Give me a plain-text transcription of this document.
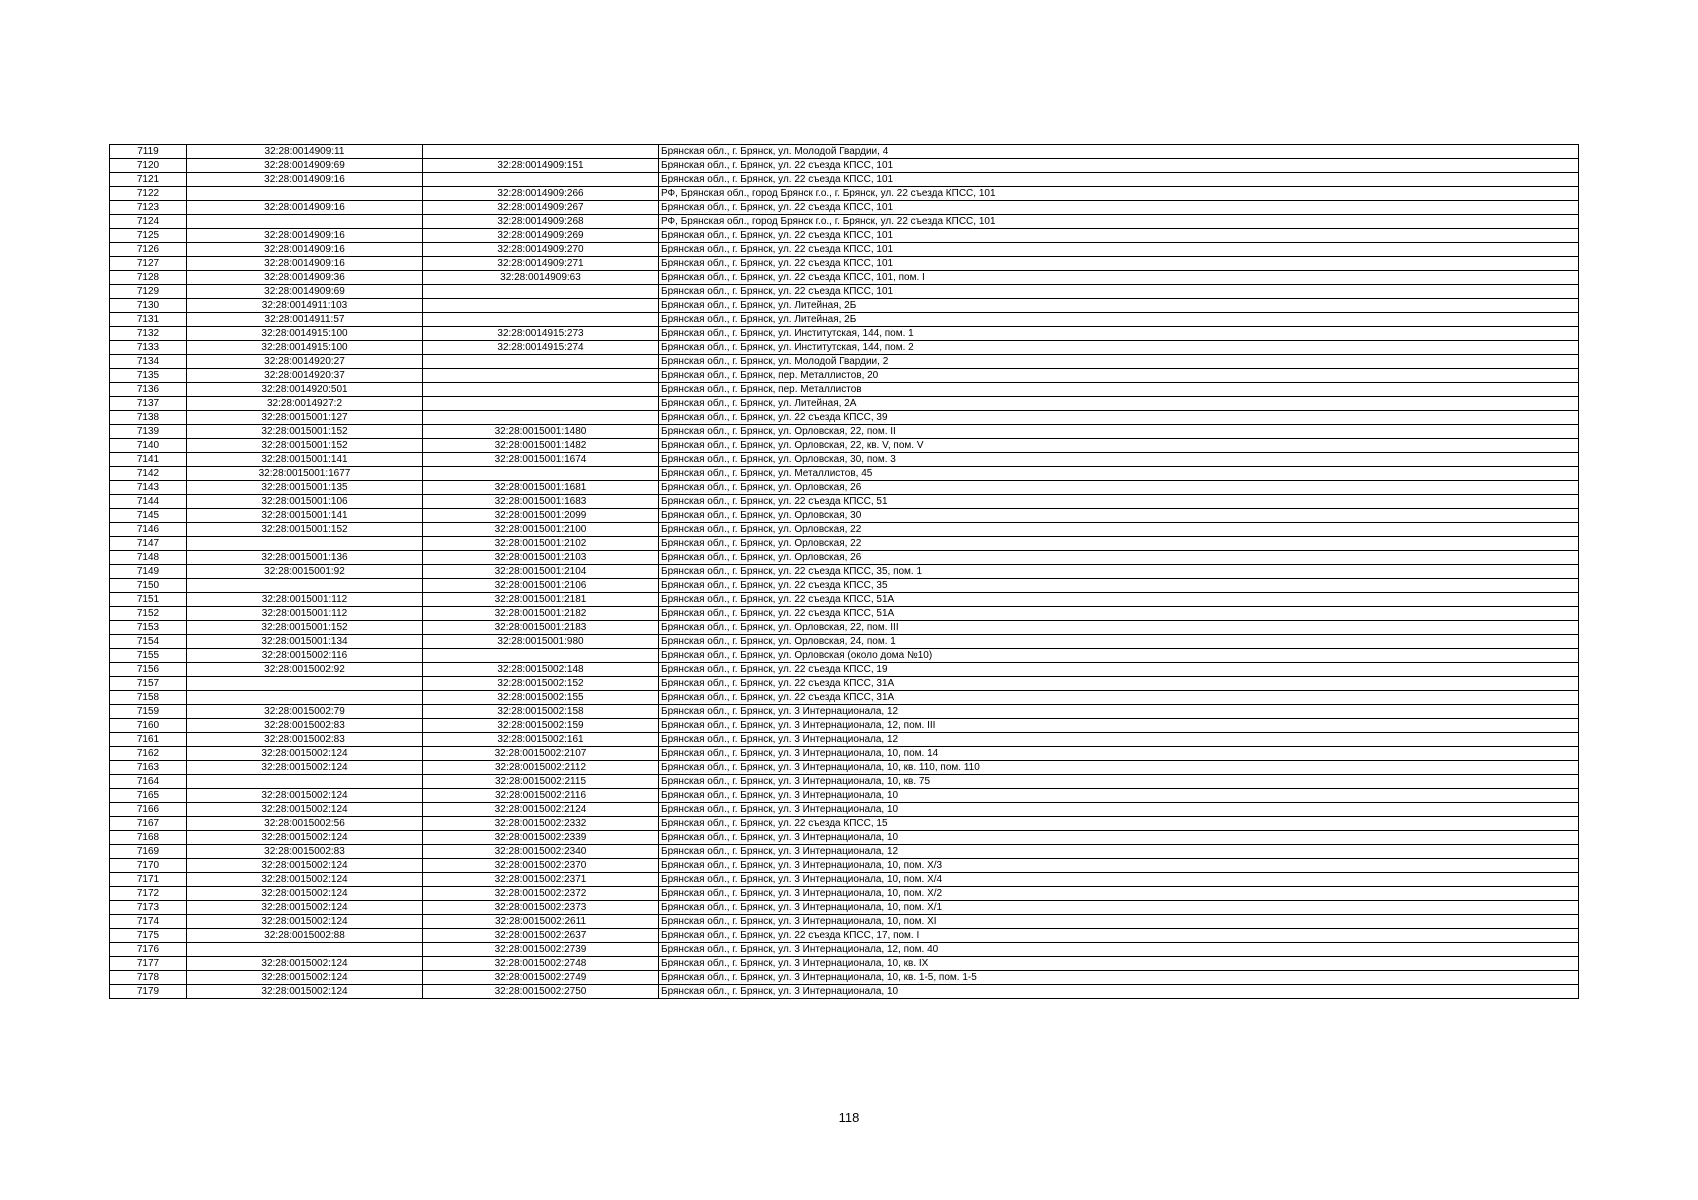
7119	32:28:0014909:11		Брянская обл., г. Брянск, ул. Молодой Гвардии, 4
7120	32:28:0014909:69	32:28:0014909:151	Брянская обл., г. Брянск, ул. 22 съезда КПСС, 101
7121	32:28:0014909:16		Брянская обл., г. Брянск, ул. 22 съезда КПСС, 101
7122		32:28:0014909:266	РФ, Брянская обл., город Брянск г.о., г. Брянск, ул. 22 съезда КПСС, 101
7123	32:28:0014909:16	32:28:0014909:267	Брянская обл., г. Брянск, ул. 22 съезда КПСС, 101
7124		32:28:0014909:268	РФ, Брянская обл., город Брянск г.о., г. Брянск, ул. 22 съезда КПСС, 101
7125	32:28:0014909:16	32:28:0014909:269	Брянская обл., г. Брянск, ул. 22 съезда КПСС, 101
7126	32:28:0014909:16	32:28:0014909:270	Брянская обл., г. Брянск, ул. 22 съезда КПСС, 101
7127	32:28:0014909:16	32:28:0014909:271	Брянская обл., г. Брянск, ул. 22 съезда КПСС, 101
7128	32:28:0014909:36	32:28:0014909:63	Брянская обл., г. Брянск, ул. 22 съезда КПСС, 101, пом. I
7129	32:28:0014909:69		Брянская обл., г. Брянск, ул. 22 съезда КПСС, 101
7130	32:28:0014911:103		Брянская обл., г. Брянск, ул. Литейная, 2Б
7131	32:28:0014911:57		Брянская обл., г. Брянск, ул. Литейная, 2Б
7132	32:28:0014915:100	32:28:0014915:273	Брянская обл., г. Брянск, ул. Институтская, 144, пом. 1
7133	32:28:0014915:100	32:28:0014915:274	Брянская обл., г. Брянск, ул. Институтская, 144, пом. 2
7134	32:28:0014920:27		Брянская обл., г. Брянск, ул. Молодой Гвардии, 2
7135	32:28:0014920:37		Брянская обл., г. Брянск, пер. Металлистов, 20
7136	32:28:0014920:501		Брянская обл., г. Брянск, пер. Металлистов
7137	32:28:0014927:2		Брянская обл., г. Брянск, ул. Литейная, 2А
7138	32:28:0015001:127		Брянская обл., г. Брянск, ул. 22 съезда КПСС, 39
7139	32:28:0015001:152	32:28:0015001:1480	Брянская обл., г. Брянск, ул. Орловская, 22, пом. II
7140	32:28:0015001:152	32:28:0015001:1482	Брянская обл., г. Брянск, ул. Орловская, 22, кв. V, пом. V
7141	32:28:0015001:141	32:28:0015001:1674	Брянская обл., г. Брянск, ул. Орловская, 30, пом. 3
7142	32:28:0015001:1677		Брянская обл., г. Брянск, ул. Металлистов, 45
7143	32:28:0015001:135	32:28:0015001:1681	Брянская обл., г. Брянск, ул. Орловская, 26
7144	32:28:0015001:106	32:28:0015001:1683	Брянская обл., г. Брянск, ул. 22 съезда КПСС, 51
7145	32:28:0015001:141	32:28:0015001:2099	Брянская обл., г. Брянск, ул. Орловская, 30
7146	32:28:0015001:152	32:28:0015001:2100	Брянская обл., г. Брянск, ул. Орловская, 22
7147		32:28:0015001:2102	Брянская обл., г. Брянск, ул. Орловская, 22
7148	32:28:0015001:136	32:28:0015001:2103	Брянская обл., г. Брянск, ул. Орловская, 26
7149	32:28:0015001:92	32:28:0015001:2104	Брянская обл., г. Брянск, ул. 22 съезда КПСС, 35, пом. 1
7150		32:28:0015001:2106	Брянская обл., г. Брянск, ул. 22 съезда КПСС, 35
7151	32:28:0015001:112	32:28:0015001:2181	Брянская обл., г. Брянск, ул. 22 съезда КПСС, 51А
7152	32:28:0015001:112	32:28:0015001:2182	Брянская обл., г. Брянск, ул. 22 съезда КПСС, 51А
7153	32:28:0015001:152	32:28:0015001:2183	Брянская обл., г. Брянск, ул. Орловская, 22, пом. III
7154	32:28:0015001:134	32:28:0015001:980	Брянская обл., г. Брянск, ул. Орловская, 24, пом. 1
7155	32:28:0015002:116		Брянская обл., г. Брянск, ул. Орловская (около дома №10)
7156	32:28:0015002:92	32:28:0015002:148	Брянская обл., г. Брянск, ул. 22 съезда КПСС, 19
7157		32:28:0015002:152	Брянская обл., г. Брянск, ул. 22 съезда КПСС, 31А
7158		32:28:0015002:155	Брянская обл., г. Брянск, ул. 22 съезда КПСС, 31А
7159	32:28:0015002:79	32:28:0015002:158	Брянская обл., г. Брянск, ул. 3 Интернационала, 12
7160	32:28:0015002:83	32:28:0015002:159	Брянская обл., г. Брянск, ул. 3 Интернационала, 12, пом. III
7161	32:28:0015002:83	32:28:0015002:161	Брянская обл., г. Брянск, ул. 3 Интернационала, 12
7162	32:28:0015002:124	32:28:0015002:2107	Брянская обл., г. Брянск, ул. 3 Интернационала, 10, пом. 14
7163	32:28:0015002:124	32:28:0015002:2112	Брянская обл., г. Брянск, ул. 3 Интернационала, 10, кв. 110, пом. 110
7164		32:28:0015002:2115	Брянская обл., г. Брянск, ул. 3 Интернационала, 10, кв. 75
7165	32:28:0015002:124	32:28:0015002:2116	Брянская обл., г. Брянск, ул. 3 Интернационала, 10
7166	32:28:0015002:124	32:28:0015002:2124	Брянская обл., г. Брянск, ул. 3 Интернационала, 10
7167	32:28:0015002:56	32:28:0015002:2332	Брянская обл., г. Брянск, ул. 22 съезда КПСС, 15
7168	32:28:0015002:124	32:28:0015002:2339	Брянская обл., г. Брянск, ул. 3 Интернационала, 10
7169	32:28:0015002:83	32:28:0015002:2340	Брянская обл., г. Брянск, ул. 3 Интернационала, 12
7170	32:28:0015002:124	32:28:0015002:2370	Брянская обл., г. Брянск, ул. 3 Интернационала, 10, пом. X/3
7171	32:28:0015002:124	32:28:0015002:2371	Брянская обл., г. Брянск, ул. 3 Интернационала, 10, пом. X/4
7172	32:28:0015002:124	32:28:0015002:2372	Брянская обл., г. Брянск, ул. 3 Интернационала, 10, пом. X/2
7173	32:28:0015002:124	32:28:0015002:2373	Брянская обл., г. Брянск, ул. 3 Интернационала, 10, пом. X/1
7174	32:28:0015002:124	32:28:0015002:2611	Брянская обл., г. Брянск, ул. 3 Интернационала, 10, пом. XI
7175	32:28:0015002:88	32:28:0015002:2637	Брянская обл., г. Брянск, ул. 22 съезда КПСС, 17, пом. I
7176		32:28:0015002:2739	Брянская обл., г. Брянск, ул. 3 Интернационала, 12, пом. 40
7177	32:28:0015002:124	32:28:0015002:2748	Брянская обл., г. Брянск, ул. 3 Интернационала, 10, кв. IX
7178	32:28:0015002:124	32:28:0015002:2749	Брянская обл., г. Брянск, ул. 3 Интернационала, 10, кв. 1-5, пом. 1-5
7179	32:28:0015002:124	32:28:0015002:2750	Брянская обл., г. Брянск, ул. 3 Интернационала, 10
118
